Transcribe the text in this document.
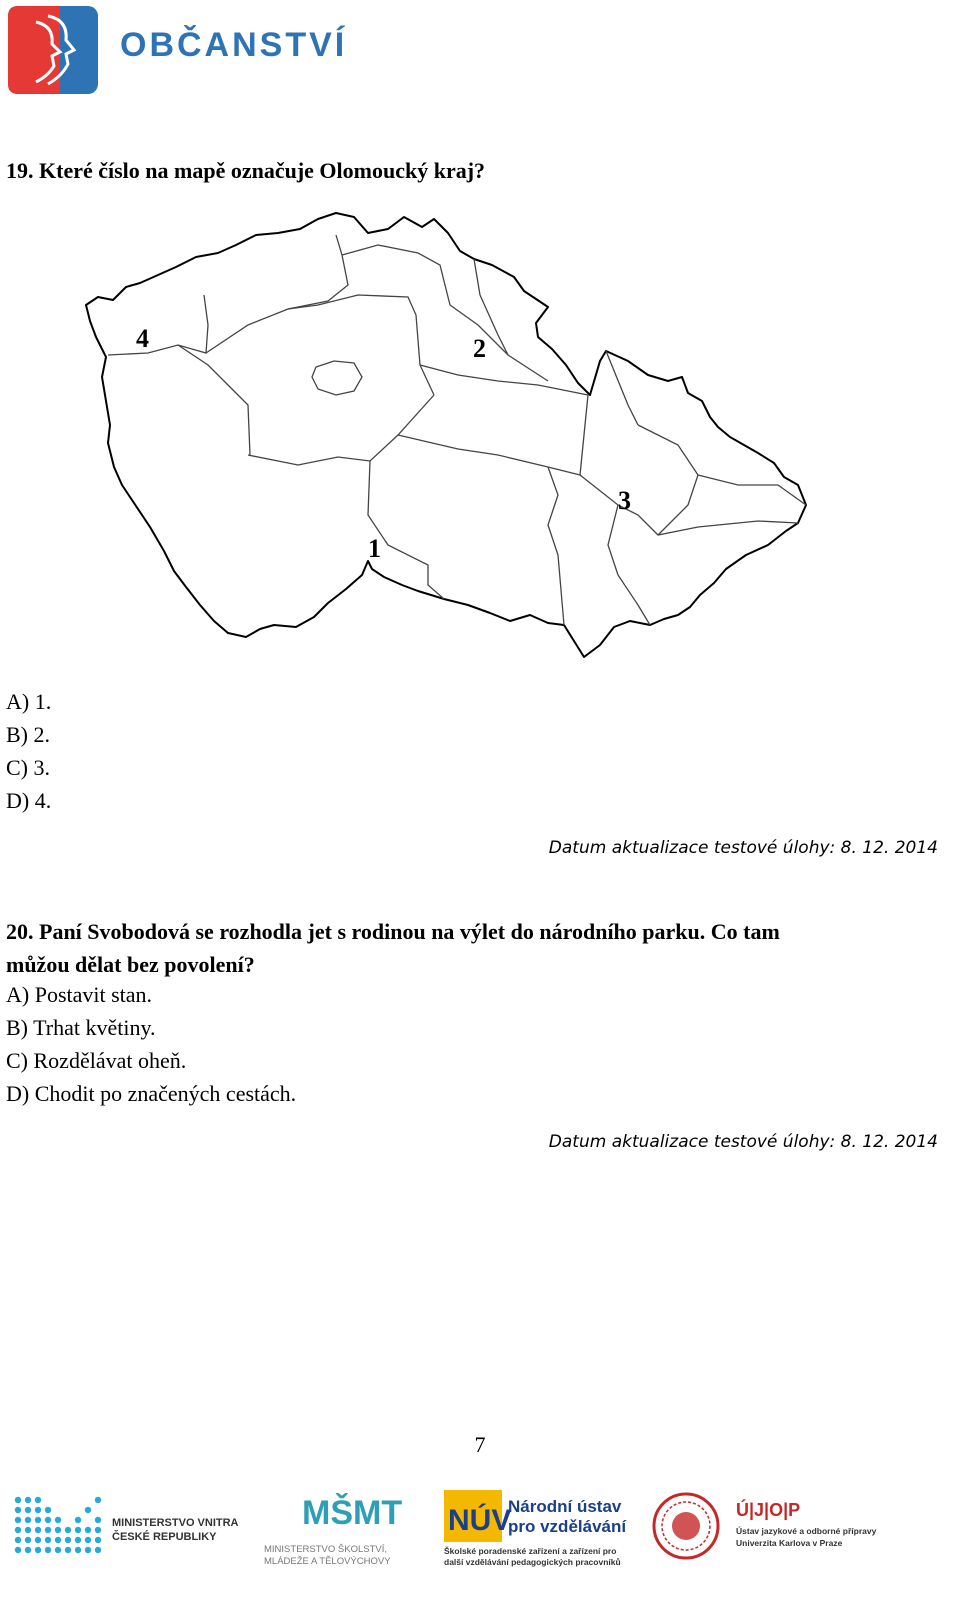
OBČANSTVÍ
19. Které číslo na mapě označuje Olomoucký kraj?
1
2
3
4
A) 1.
B) 2.
C) 3.
D) 4.
Datum aktualizace testové úlohy: 8. 12. 2014
20. Paní Svobodová se rozhodla jet s rodinou na výlet do národního parku. Co tam
můžou dělat bez povolení?
A) Postavit stan.
B) Trhat květiny.
C) Rozdělávat oheň.
D) Chodit po značených cestách.
Datum aktualizace testové úlohy: 8. 12. 2014
7
MINISTERSTVO VNITRA
ČESKÉ REPUBLIKY
MŠMT
MINISTERSTVO ŠKOLSTVÍ,
MLÁDEŽE A TĚLOVÝCHOVY
NÚV
Národní ústav
pro vzdělávání
Školské poradenské zařízení a zařízení pro
další vzdělávání pedagogických pracovníků
Ú|J|O|P
Ústav jazykové a odborné přípravy
Univerzita Karlova v Praze
